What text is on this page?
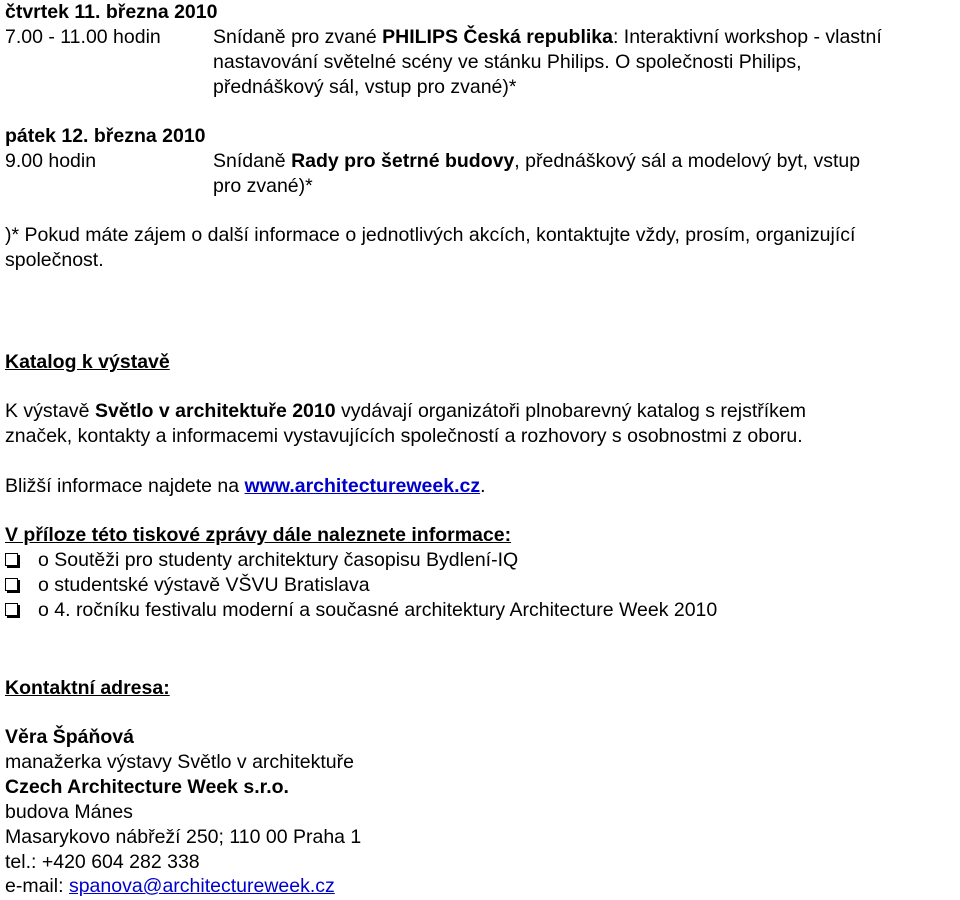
čtvrtek 11. března 2010
7.00 - 11.00 hodin	Snídaně pro zvané PHILIPS Česká republika: Interaktivní workshop - vlastní
nastavování světelné scény ve stánku Philips. O společnosti Philips,
přednáškový sál, vstup pro zvané)*
pátek 12. března 2010
9.00 hodin	Snídaně Rady pro šetrné budovy, přednáškový sál a modelový byt, vstup
pro zvané)*
)* Pokud máte zájem o další informace o jednotlivých akcích, kontaktujte vždy, prosím, organizující
společnost.
Katalog k výstavě
K výstavě Světlo v architektuře 2010 vydávají organizátoři plnobarevný katalog s rejstříkem
značek, kontakty a informacemi vystavujících společností a rozhovory s osobnostmi z oboru.
Bližší informace najdete na www.architectureweek.cz.
V příloze této tiskové zprávy dále naleznete informace:
o Soutěži pro studenty architektury časopisu Bydlení-IQ
o studentské výstavě VŠVU Bratislava
o 4. ročníku festivalu moderní a současné architektury Architecture Week 2010
Kontaktní adresa:
Věra Špáňová
manažerka výstavy Světlo v architektuře
Czech Architecture Week s.r.o.
budova Mánes
Masarykovo nábřeží 250; 110 00 Praha 1
tel.: +420 604 282 338
e-mail: spanova@architectureweek.cz
